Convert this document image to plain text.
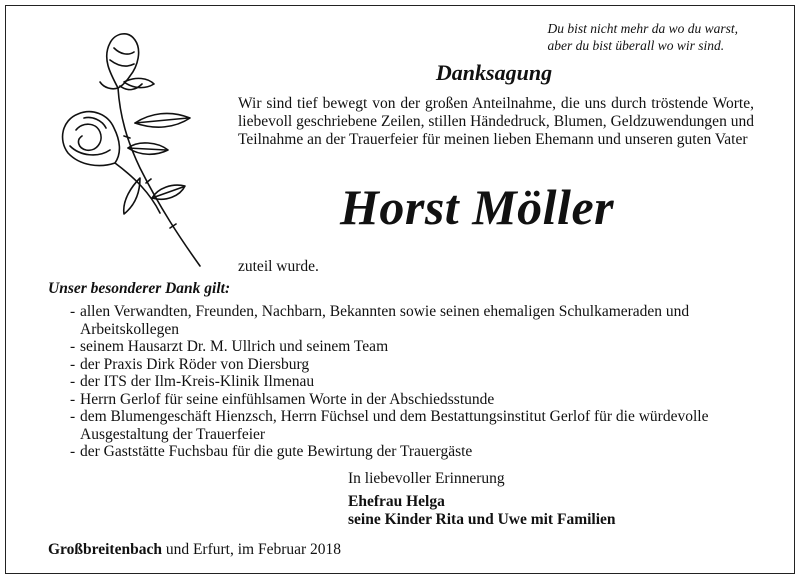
Du bist nicht mehr da wo du warst,
aber du bist überall wo wir sind.
Danksagung
Wir sind tief bewegt von der großen Anteilnahme, die uns durch tröstende Worte, liebevoll geschriebene Zeilen, stillen Händedruck, Blumen, Geldzuwendungen und Teilnahme an der Trauerfeier für meinen lieben Ehemann und unseren guten Vater
Horst Möller
zuteil wurde.
Unser besonderer Dank gilt:
- allen Verwandten, Freunden, Nachbarn, Bekannten sowie seinen ehemaligen Schulkameraden und Arbeitskollegen
- seinem Hausarzt Dr. M. Ullrich und seinem Team
- der Praxis Dirk Röder von Diersburg
- der ITS der Ilm-Kreis-Klinik Ilmenau
- Herrn Gerlof für seine einfühlsamen Worte in der Abschiedsstunde
- dem Blumengeschäft Hienzsch, Herrn Füchsel und dem Bestattungsinstitut Gerlof für die würdevolle Ausgestaltung der Trauerfeier
- der Gaststätte Fuchsbau für die gute Bewirtung der Trauergäste
In liebevoller Erinnerung
Ehefrau Helga
seine Kinder Rita und Uwe mit Familien
Großbreitenbach und Erfurt, im Februar 2018
